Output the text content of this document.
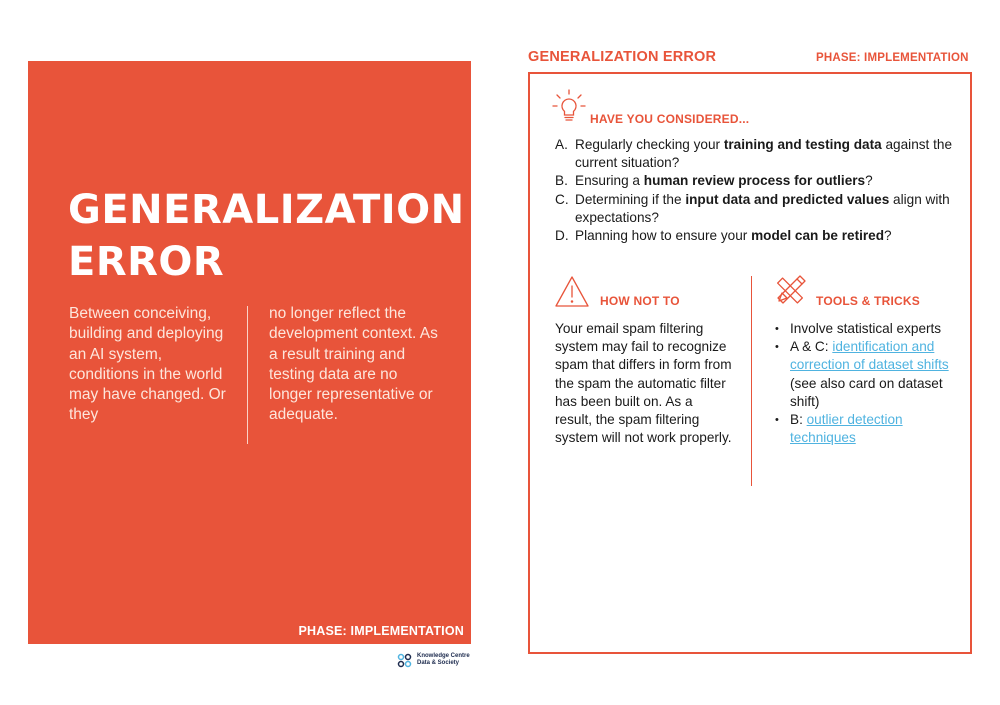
GENERALIZATION
ERROR

Between conceiving, building and deploying an AI system, conditions in the world may have changed. Or they

no longer reflect the development context. As a result training and testing data are no longer representative or adequate.

PHASE: IMPLEMENTATION
Knowledge Centre
Data & Society
GENERALIZATION ERROR	PHASE: IMPLEMENTATION
HAVE YOU CONSIDERED...
A. Regularly checking your training and testing data against the current situation?
B. Ensuring a human review process for outliers?
C. Determining if the input data and predicted values align with expectations?
D. Planning how to ensure your model can be retired?
HOW NOT TO

Your email spam filtering system may fail to recognize spam that differs in form from the spam the automatic filter has been built on. As a result, the spam filtering system will not work properly.

TOOLS & TRICKS
• Involve statistical experts
• A & C: identification and correction of dataset shifts (see also card on dataset shift)
• B: outlier detection techniques
